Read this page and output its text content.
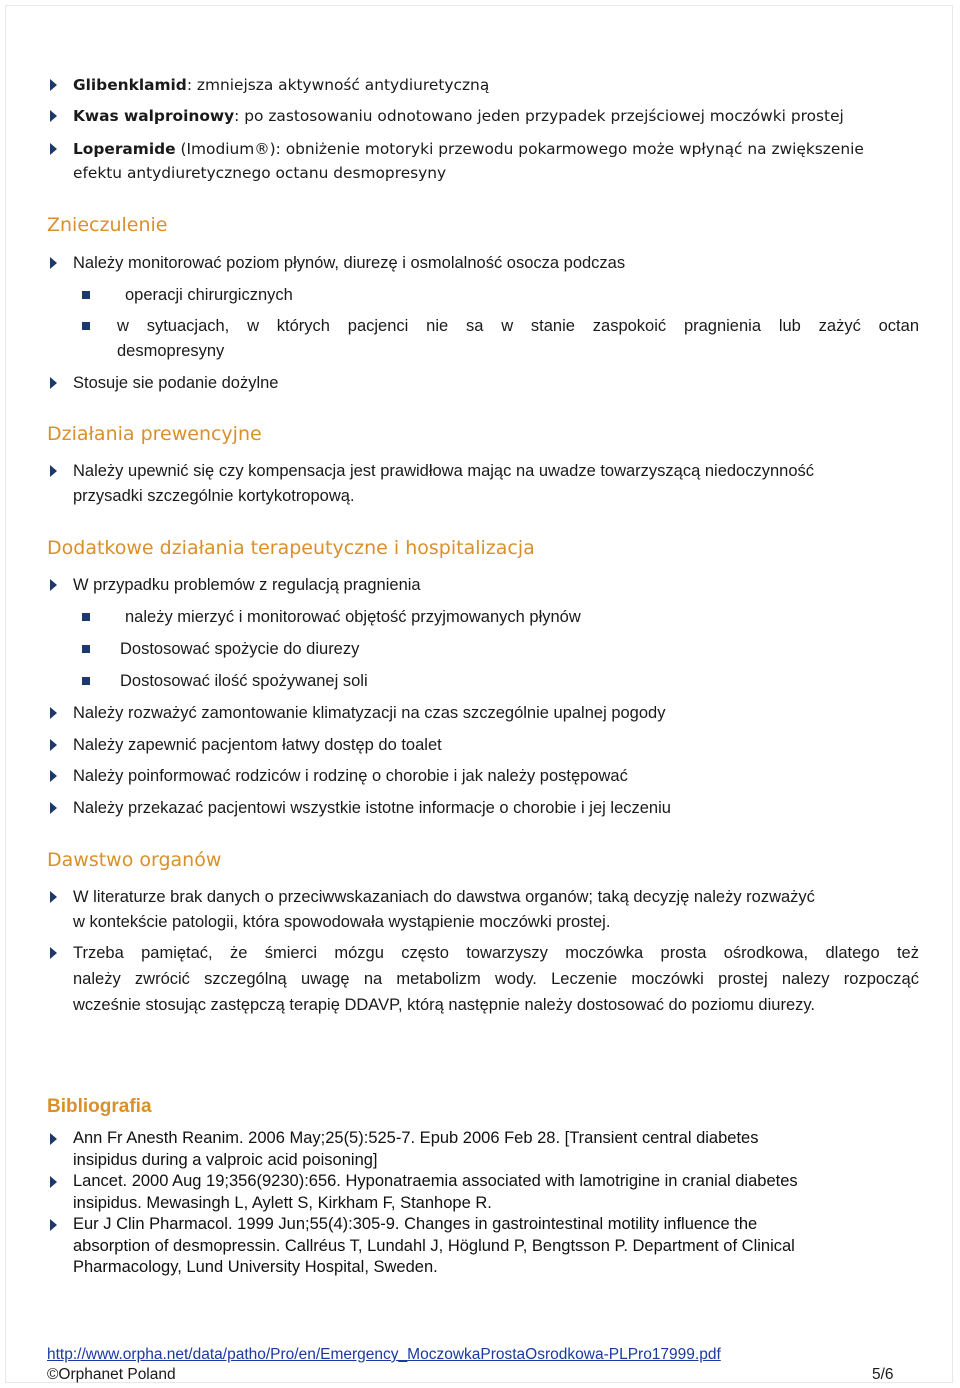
Glibenklamid: zmniejsza aktywność antydiuretyczną
Kwas walproinowy: po zastosowaniu odnotowano jeden przypadek przejściowej moczówki prostej
Loperamide (Imodium®): obniżenie motoryki przewodu pokarmowego może wpłynąć na zwiększenie
efektu antydiuretycznego octanu desmopresyny
Znieczulenie
Należy monitorować poziom płynów, diurezę i osmolalność osocza podczas
operacji chirurgicznych
w sytuacjach, w których pacjenci nie sa w stanie zaspokoić pragnienia lub zażyć octan
desmopresyny
Stosuje sie podanie dożylne
Działania prewencyjne
Należy upewnić się czy kompensacja jest prawidłowa mając na uwadze towarzyszącą niedoczynność
przysadki szczególnie kortykotropową.
Dodatkowe działania terapeutyczne i hospitalizacja
W przypadku problemów z regulacją pragnienia
należy mierzyć i monitorować objętość przyjmowanych płynów
Dostosować spożycie do diurezy
Dostosować ilość spożywanej soli
Należy rozważyć zamontowanie klimatyzacji na czas szczególnie upalnej pogody
Należy zapewnić pacjentom łatwy dostęp do toalet
Należy poinformować rodziców i rodzinę o chorobie i jak należy postępować
Należy przekazać pacjentowi wszystkie istotne informacje o chorobie i jej leczeniu
Dawstwo organów
W literaturze brak danych o przeciwwskazaniach do dawstwa organów; taką decyzję należy rozważyć
w kontekście patologii, która spowodowała wystąpienie moczówki prostej.
Trzeba pamiętać, że śmierci mózgu często towarzyszy moczówka prosta ośrodkowa, dlatego też
należy zwrócić szczególną uwagę na metabolizm wody. Leczenie moczówki prostej nalezy rozpocząć
wcześnie stosując zastępczą terapię DDAVP, którą następnie należy dostosować do poziomu diurezy.
Bibliografia
Ann Fr Anesth Reanim. 2006 May;25(5):525-7. Epub 2006 Feb 28. [Transient central diabetes
insipidus during a valproic acid poisoning]
Lancet. 2000 Aug 19;356(9230):656. Hyponatraemia associated with lamotrigine in cranial diabetes
insipidus. Mewasingh L, Aylett S, Kirkham F, Stanhope R.
Eur J Clin Pharmacol. 1999 Jun;55(4):305-9. Changes in gastrointestinal motility influence the
absorption of desmopressin. Callréus T, Lundahl J, Höglund P, Bengtsson P. Department of Clinical
Pharmacology, Lund University Hospital, Sweden.
http://www.orpha.net/data/patho/Pro/en/Emergency_MoczowkaProstaOsrodkowa-PLPro17999.pdf
©Orphanet Poland	5/6
